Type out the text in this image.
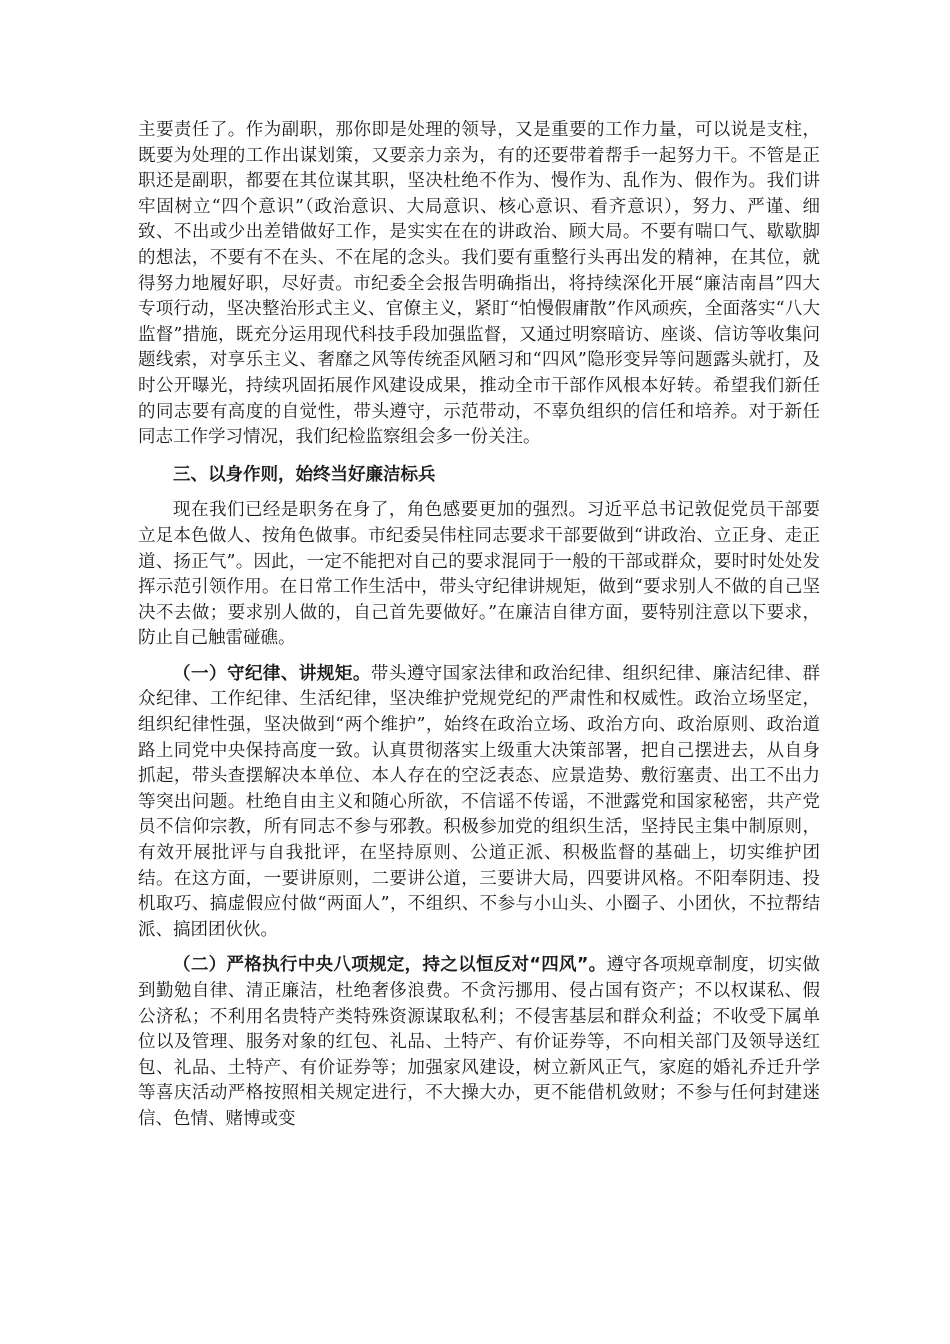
主要责任了。作为副职，那你即是处理的领导，又是重要的工作力量，可以说是支柱，既要为处理的工作出谋划策，又要亲力亲为，有的还要带着帮手一起努力干。不管是正职还是副职，都要在其位谋其职，坚决杜绝不作为、慢作为、乱作为、假作为。我们讲牢固树立“四个意识”（政治意识、大局意识、核心意识、看齐意识），努力、严谨、细致、不出或少出差错做好工作，是实实在在的讲政治、顾大局。不要有喘口气、歇歇脚的想法，不要有不在头、不在尾的念头。我们要有重整行头再出发的精神，在其位，就得努力地履好职，尽好责。市纪委全会报告明确指出，将持续深化开展“廉洁南昌”四大专项行动，坚决整治形式主义、官僚主义，紧盯“怕慢假庸散”作风顽疾，全面落实“八大监督”措施，既充分运用现代科技手段加强监督，又通过明察暗访、座谈、信访等收集问题线索，对享乐主义、奢靡之风等传统歪风陋习和“四风”隐形变异等问题露头就打，及时公开曝光，持续巩固拓展作风建设成果，推动全市干部作风根本好转。希望我们新任的同志要有高度的自觉性，带头遵守，示范带动，不辜负组织的信任和培养。对于新任同志工作学习情况，我们纪检监察组会多一份关注。

三、以身作则，始终当好廉洁标兵

现在我们已经是职务在身了，角色感要更加的强烈。习近平总书记敦促党员干部要立足本色做人、按角色做事。市纪委吴伟柱同志要求干部要做到“讲政治、立正身、走正道、扬正气”。因此，一定不能把对自己的要求混同于一般的干部或群众，要时时处处发挥示范引领作用。在日常工作生活中，带头守纪律讲规矩，做到“要求别人不做的自己坚决不去做；要求别人做的，自己首先要做好。”在廉洁自律方面，要特别注意以下要求，防止自己触雷碰礁。

（一）守纪律、讲规矩。带头遵守国家法律和政治纪律、组织纪律、廉洁纪律、群众纪律、工作纪律、生活纪律，坚决维护党规党纪的严肃性和权威性。政治立场坚定，组织纪律性强，坚决做到“两个维护”，始终在政治立场、政治方向、政治原则、政治道路上同党中央保持高度一致。认真贯彻落实上级重大决策部署，把自己摆进去，从自身抓起，带头查摆解决本单位、本人存在的空泛表态、应景造势、敷衍塞责、出工不出力等突出问题。杜绝自由主义和随心所欲，不信谣不传谣，不泄露党和国家秘密，共产党员不信仰宗教，所有同志不参与邪教。积极参加党的组织生活，坚持民主集中制原则，有效开展批评与自我批评，在坚持原则、公道正派、积极监督的基础上，切实维护团结。在这方面，一要讲原则，二要讲公道，三要讲大局，四要讲风格。不阳奉阴违、投机取巧、搞虚假应付做“两面人”，不组织、不参与小山头、小圈子、小团伙，不拉帮结派、搞团团伙伙。

（二）严格执行中央八项规定，持之以恒反对“四风”。遵守各项规章制度，切实做到勤勉自律、清正廉洁，杜绝奢侈浪费。不贪污挪用、侵占国有资产；不以权谋私、假公济私；不利用名贵特产类特殊资源谋取私利；不侵害基层和群众利益；不收受下属单位以及管理、服务对象的红包、礼品、土特产、有价证券等，不向相关部门及领导送红包、礼品、土特产、有价证券等；加强家风建设，树立新风正气，家庭的婚礼乔迁升学等喜庆活动严格按照相关规定进行，不大操大办，更不能借机敛财；不参与任何封建迷信、色情、赌博或变
